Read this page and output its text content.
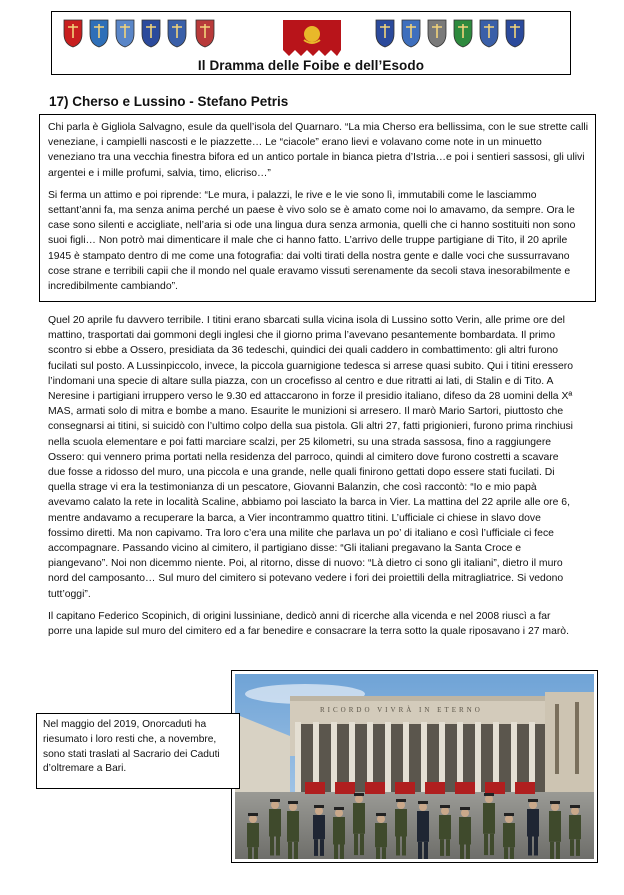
Il Dramma delle Foibe e dell’Esodo
17) Cherso e Lussino - Stefano Petris

Chi parla è Gigliola Salvagno, esule da quell’isola del Quarnaro. “La mia Cherso era bellissima, con le sue strette calli veneziane, i campielli nascosti e le piazzette… Le “ciacole” erano lievi e volavano come note in un minuetto veneziano tra una vecchia finestra bifora ed un antico portale in bianca pietra d’Istria…e poi i sentieri sassosi, gli ulivi argentei e i mille profumi, salvia, timo, elicriso…”

Si ferma un attimo e poi riprende: “Le mura, i palazzi, le rive e le vie sono lì, immutabili come le lasciammo settant’anni fa, ma senza anima perché un paese è vivo solo se è amato come noi lo amavamo, da sempre. Ora le case sono silenti e accigliate, nell’aria si ode una lingua dura senza armonia, quelli che ci hanno sostituiti non sono suoi figli… Non potrò mai dimenticare il male che ci hanno fatto. L’arrivo delle truppe partigiane di Tito, il 20 aprile 1945 è stampato dentro di me come una fotografia: dai volti tirati della nostra gente e dalle voci che sussurravano cose strane e terribili capii che il mondo nel quale eravamo vissuti serenamente da secoli stava inesorabilmente e incredibilmente cambiando”.

Quel 20 aprile fu davvero terribile. I titini erano sbarcati sulla vicina isola di Lussino sotto Verin, alle prime ore del mattino, trasportati dai gommoni degli inglesi che il giorno prima l’avevano pesantemente bombardata. Il primo scontro si ebbe a Ossero, presidiata da 36 tedeschi, quindici dei quali caddero in combattimento: gli altri furono fucilati sul posto. A Lussinpiccolo, invece, la piccola guarnigione tedesca si arrese quasi subito. Qui i titini eressero l’indomani una specie di altare sulla piazza, con un crocefisso al centro e due ritratti ai lati, di Stalin e di Tito. A Neresine i partigiani irruppero verso le 9.30 ed attaccarono in forze il presidio italiano, difeso da 28 uomini della Xª MAS, armati solo di mitra e bombe a mano. Esaurite le munizioni si arresero. Il marò Mario Sartori, piuttosto che consegnarsi ai titini, si suicidò con l’ultimo colpo della sua pistola. Gli altri 27, fatti prigionieri, furono prima rinchiusi nella scuola elementare e poi fatti marciare scalzi, per 25 kilometri, su una strada sassosa, fino a raggiungere Ossero: qui vennero prima portati nella residenza del parroco, quindi al cimitero dove furono costretti a scavare due fosse a ridosso del muro, una piccola e una grande, nelle quali finirono gettati dopo essere stati fucilati. Di quella strage vi era la testimonianza di un pescatore, Giovanni Balanzin, che così raccontò: “Io e mio papà avevamo calato la rete in località Scaline, abbiamo poi lasciato la barca in Vier. La mattina del 22 aprile alle ore 6, mentre andavamo a recuperare la barca, a Vier incontrammo quattro titini. L’ufficiale ci chiese in slavo dove fossimo diretti. Ma non capivamo. Tra loro c’era una milite che parlava un po’ di italiano e così l’ufficiale ci fece accompagnare. Passando vicino al cimitero, il partigiano disse: “Gli italiani pregavano la Santa Croce e piangevano”. Noi non dicemmo niente. Poi, al ritorno, disse di nuovo: “Là dietro ci sono gli italiani”, dietro il muro nord del camposanto… Sul muro del cimitero si potevano vedere i fori dei proiettili della mitragliatrice. Si vedono tutt’oggi”.

Il capitano Federico Scopinich, di origini lussiniane, dedicò anni di ricerche alla vicenda e nel 2008 riuscì a far porre una lapide sul muro del cimitero ed a far benedire e consacrare la terra sotto la quale riposavano i 27 marò.

RICORDO VIVRÀ IN ETERNO

Nel maggio del 2019, Onorcaduti ha riesumato i loro resti che, a novembre, sono stati traslati al Sacrario dei Caduti d’oltremare a Bari.
